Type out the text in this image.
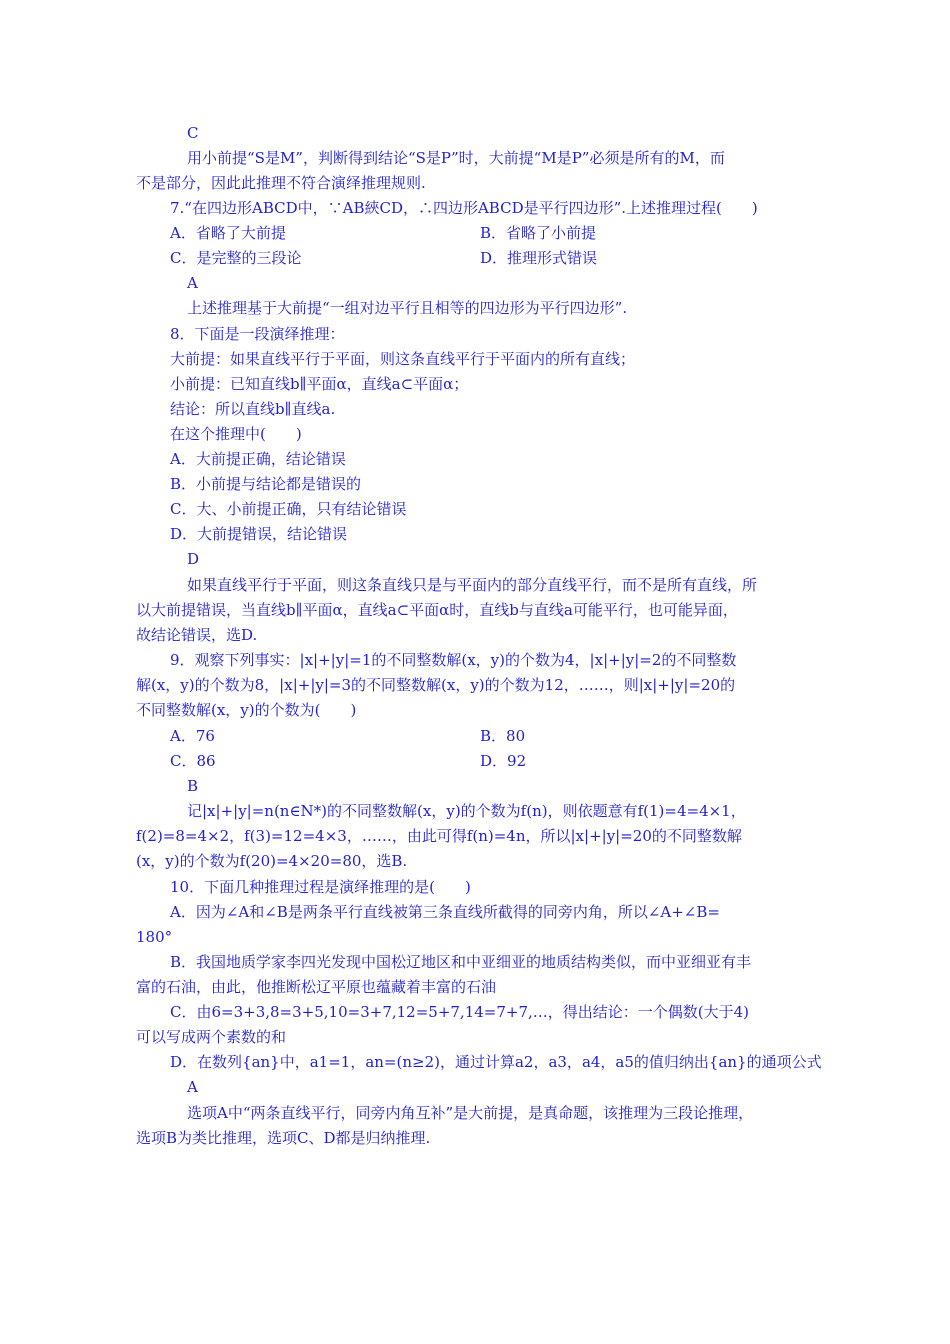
C
用小前提“S是M”，判断得到结论“S是P”时，大前提“M是P”必须是所有的M，而
不是部分，因此此推理不符合演绎推理规则.
7.“在四边形ABCD中，∵AB綊CD，∴四边形ABCD是平行四边形”.上述推理过程(　　)
A．省略了大前提	B．省略了小前提
C．是完整的三段论	D．推理形式错误
A
上述推理基于大前提“一组对边平行且相等的四边形为平行四边形”.
8．下面是一段演绎推理：
大前提：如果直线平行于平面，则这条直线平行于平面内的所有直线；
小前提：已知直线b∥平面α，直线a⊂平面α；
结论：所以直线b∥直线a.
在这个推理中(　　)
A．大前提正确，结论错误
B．小前提与结论都是错误的
C．大、小前提正确，只有结论错误
D．大前提错误，结论错误
D
如果直线平行于平面，则这条直线只是与平面内的部分直线平行，而不是所有直线，所
以大前提错误，当直线b∥平面α，直线a⊂平面α时，直线b与直线a可能平行，也可能异面，
故结论错误，选D.
9．观察下列事实：|x|+|y|=1的不同整数解(x，y)的个数为4，|x|+|y|=2的不同整数
解(x，y)的个数为8，|x|+|y|=3的不同整数解(x，y)的个数为12，……，则|x|+|y|=20的
不同整数解(x，y)的个数为(　　)
A．76	B．80
C．86	D．92
B
记|x|+|y|=n(n∈N*)的不同整数解(x，y)的个数为f(n)，则依题意有f(1)=4=4×1，
f(2)=8=4×2，f(3)=12=4×3，……，由此可得f(n)=4n，所以|x|+|y|=20的不同整数解
(x，y)的个数为f(20)=4×20=80，选B.
10．下面几种推理过程是演绎推理的是(　　)
A．因为∠A和∠B是两条平行直线被第三条直线所截得的同旁内角，所以∠A+∠B=
180°
B．我国地质学家李四光发现中国松辽地区和中亚细亚的地质结构类似，而中亚细亚有丰
富的石油，由此，他推断松辽平原也蕴藏着丰富的石油
C．由6=3+3,8=3+5,10=3+7,12=5+7,14=7+7,…，得出结论：一个偶数(大于4)
可以写成两个素数的和
D．在数列{an}中，a1=1，an=(n≥2)，通过计算a2，a3，a4，a5的值归纳出{an}的通项公式
A
选项A中“两条直线平行，同旁内角互补”是大前提，是真命题，该推理为三段论推理，
选项B为类比推理，选项C、D都是归纳推理.
